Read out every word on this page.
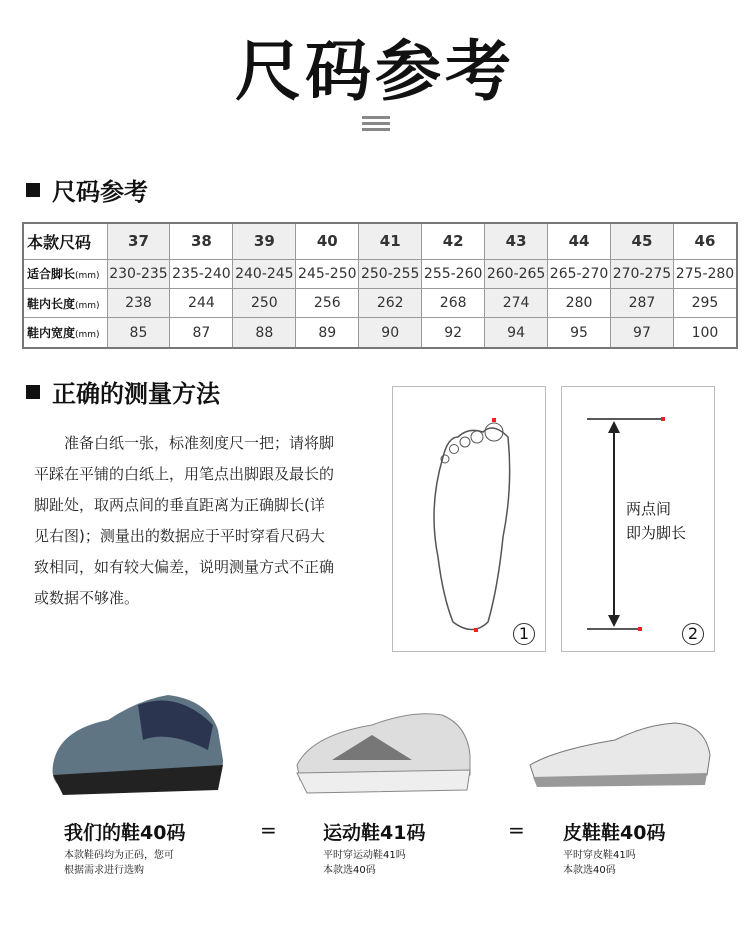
尺码参考
尺码参考
本款尺码	37	38	39	40	41	42	43	44	45	46
适合脚长(mm)	230-235	235-240	240-245	245-250	250-255	255-260	260-265	265-270	270-275	275-280
鞋内长度(mm)	238	244	250	256	262	268	274	280	287	295
鞋内宽度(mm)	85	87	88	89	90	92	94	95	97	100
正确的测量方法
准备白纸一张，标准刻度尺一把；请将脚平踩在平铺的白纸上，用笔点出脚跟及最长的脚趾处，取两点间的垂直距离为正确脚长(详见右图)；测量出的数据应于平时穿看尺码大致相同，如有较大偏差，说明测量方式不正确或数据不够准。
1
两点间
即为脚长
2
我们的鞋40码
本款鞋码均为正码，您可
根据需求进行选购
= 运动鞋41码
平时穿运动鞋41吗
本款选40码
= 皮鞋鞋40码
平时穿皮鞋41吗
本款选40码
